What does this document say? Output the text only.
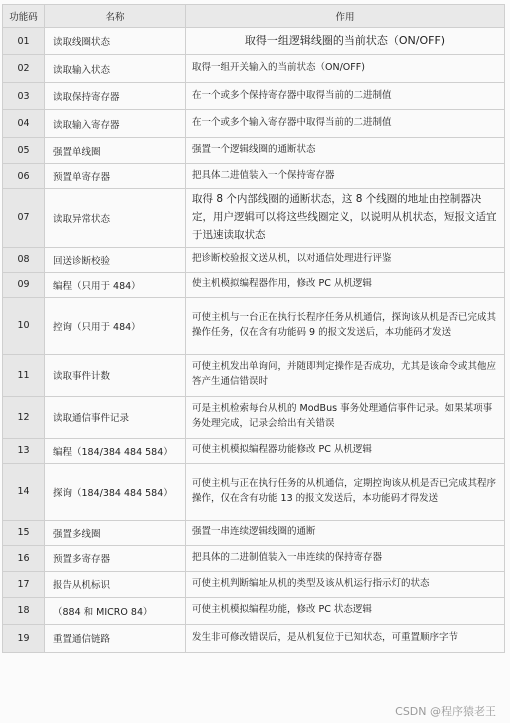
功能码	名称	作用
01	读取线圈状态	取得一组逻辑线圈的当前状态（ON/OFF)
02	读取输入状态	取得一组开关输入的当前状态（ON/OFF)
03	读取保持寄存器	在一个或多个保持寄存器中取得当前的二进制值
04	读取输入寄存器	在一个或多个输入寄存器中取得当前的二进制值
05	强置单线圈	强置一个逻辑线圈的通断状态
06	预置单寄存器	把具体二进值装入一个保持寄存器
07	读取异常状态	取得 8 个内部线圈的通断状态，这 8 个线圈的地址由控制器决定，用户逻辑可以将这些线圈定义，以说明从机状态，短报文适宜于迅速读取状态
08	回送诊断校验	把诊断校验报文送从机，以对通信处理进行评鉴
09	编程（只用于 484）	使主机模拟编程器作用，修改 PC 从机逻辑
10	控询（只用于 484）	可使主机与一台正在执行长程序任务从机通信，探询该从机是否已完成其操作任务，仅在含有功能码 9 的报文发送后，本功能码才发送
11	读取事件计数	可使主机发出单询问，并随即判定操作是否成功，尤其是该命令或其他应答产生通信错误时
12	读取通信事件记录	可是主机检索每台从机的 ModBus 事务处理通信事件记录。如果某项事务处理完成，记录会给出有关错误
13	编程（184/384 484 584）	可使主机模拟编程器功能修改 PC 从机逻辑
14	探询（184/384 484 584）	可使主机与正在执行任务的从机通信，定期控询该从机是否已完成其程序操作，仅在含有功能 13 的报文发送后，本功能码才得发送
15	强置多线圈	强置一串连续逻辑线圈的通断
16	预置多寄存器	把具体的二进制值装入一串连续的保持寄存器
17	报告从机标识	可使主机判断编址从机的类型及该从机运行指示灯的状态
18	（884 和 MICRO 84）	可使主机模拟编程功能，修改 PC 状态逻辑
19	重置通信链路	发生非可修改错误后，是从机复位于已知状态，可重置顺序字节
CSDN @程序猿老王
